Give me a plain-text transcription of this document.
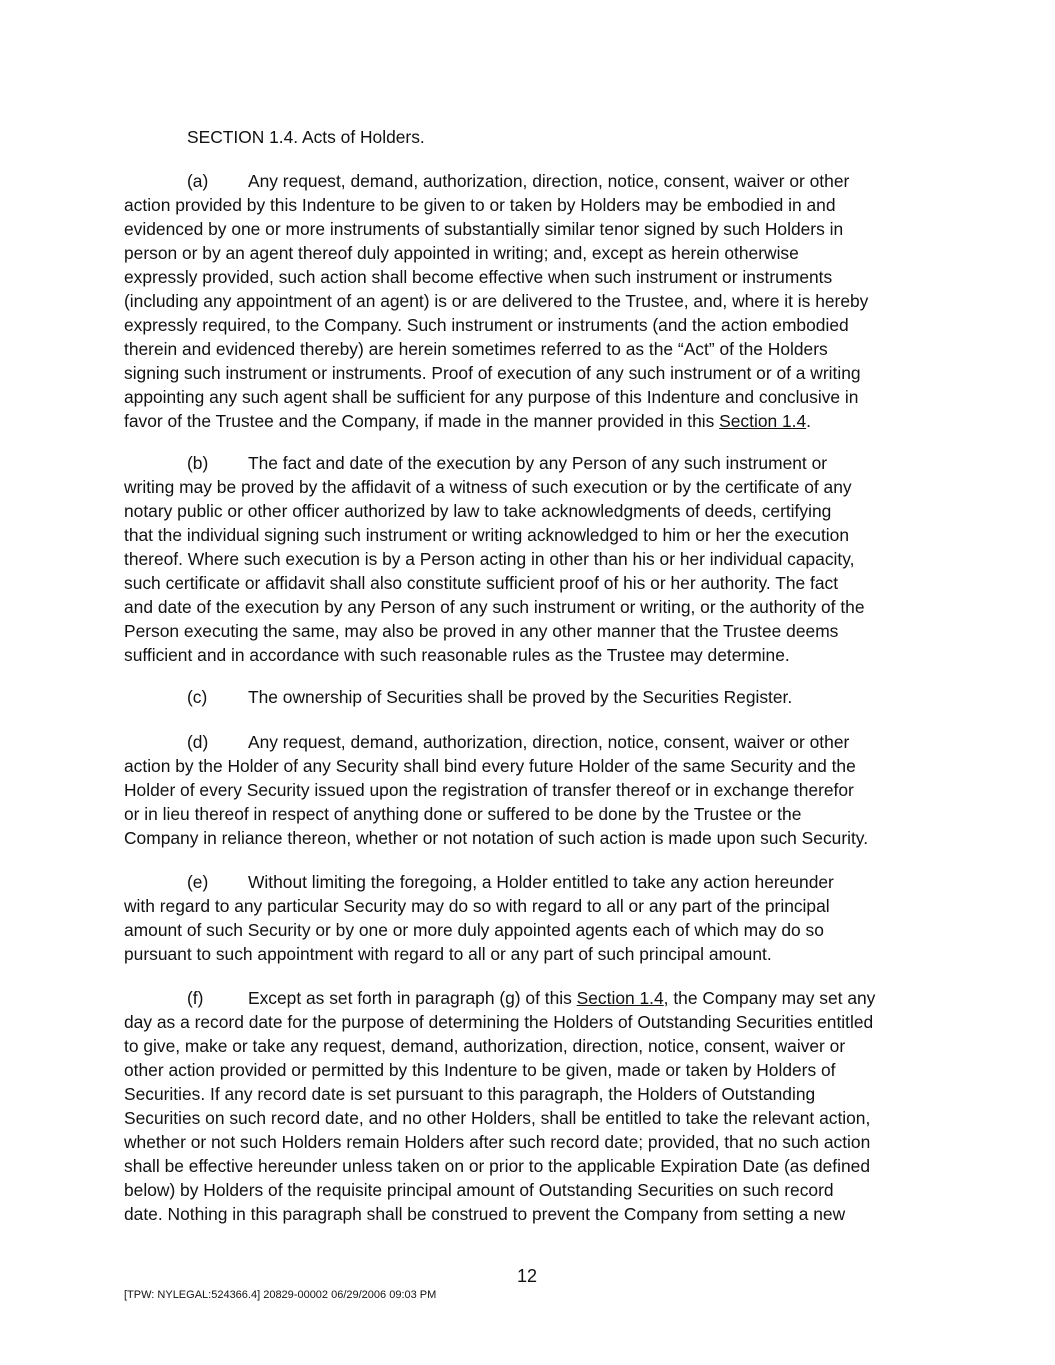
SECTION 1.4. Acts of Holders.
(a) Any request, demand, authorization, direction, notice, consent, waiver or other
action provided by this Indenture to be given to or taken by Holders may be embodied in and
evidenced by one or more instruments of substantially similar tenor signed by such Holders in
person or by an agent thereof duly appointed in writing; and, except as herein otherwise
expressly provided, such action shall become effective when such instrument or instruments
(including any appointment of an agent) is or are delivered to the Trustee, and, where it is hereby
expressly required, to the Company. Such instrument or instruments (and the action embodied
therein and evidenced thereby) are herein sometimes referred to as the “Act” of the Holders
signing such instrument or instruments. Proof of execution of any such instrument or of a writing
appointing any such agent shall be sufficient for any purpose of this Indenture and conclusive in
favor of the Trustee and the Company, if made in the manner provided in this Section 1.4.
(b) The fact and date of the execution by any Person of any such instrument or
writing may be proved by the affidavit of a witness of such execution or by the certificate of any
notary public or other officer authorized by law to take acknowledgments of deeds, certifying
that the individual signing such instrument or writing acknowledged to him or her the execution
thereof. Where such execution is by a Person acting in other than his or her individual capacity,
such certificate or affidavit shall also constitute sufficient proof of his or her authority. The fact
and date of the execution by any Person of any such instrument or writing, or the authority of the
Person executing the same, may also be proved in any other manner that the Trustee deems
sufficient and in accordance with such reasonable rules as the Trustee may determine.
(c) The ownership of Securities shall be proved by the Securities Register.
(d) Any request, demand, authorization, direction, notice, consent, waiver or other
action by the Holder of any Security shall bind every future Holder of the same Security and the
Holder of every Security issued upon the registration of transfer thereof or in exchange therefor
or in lieu thereof in respect of anything done or suffered to be done by the Trustee or the
Company in reliance thereon, whether or not notation of such action is made upon such Security.
(e) Without limiting the foregoing, a Holder entitled to take any action hereunder
with regard to any particular Security may do so with regard to all or any part of the principal
amount of such Security or by one or more duly appointed agents each of which may do so
pursuant to such appointment with regard to all or any part of such principal amount.
(f)	Except as set forth in paragraph (g) of this Section 1.4, the Company may set any
day as a record date for the purpose of determining the Holders of Outstanding Securities entitled
to give, make or take any request, demand, authorization, direction, notice, consent, waiver or
other action provided or permitted by this Indenture to be given, made or taken by Holders of
Securities. If any record date is set pursuant to this paragraph, the Holders of Outstanding
Securities on such record date, and no other Holders, shall be entitled to take the relevant action,
whether or not such Holders remain Holders after such record date; provided, that no such action
shall be effective hereunder unless taken on or prior to the applicable Expiration Date (as defined
below) by Holders of the requisite principal amount of Outstanding Securities on such record
date. Nothing in this paragraph shall be construed to prevent the Company from setting a new
12
[TPW: NYLEGAL:524366.4] 20829-00002 06/29/2006 09:03 PM
